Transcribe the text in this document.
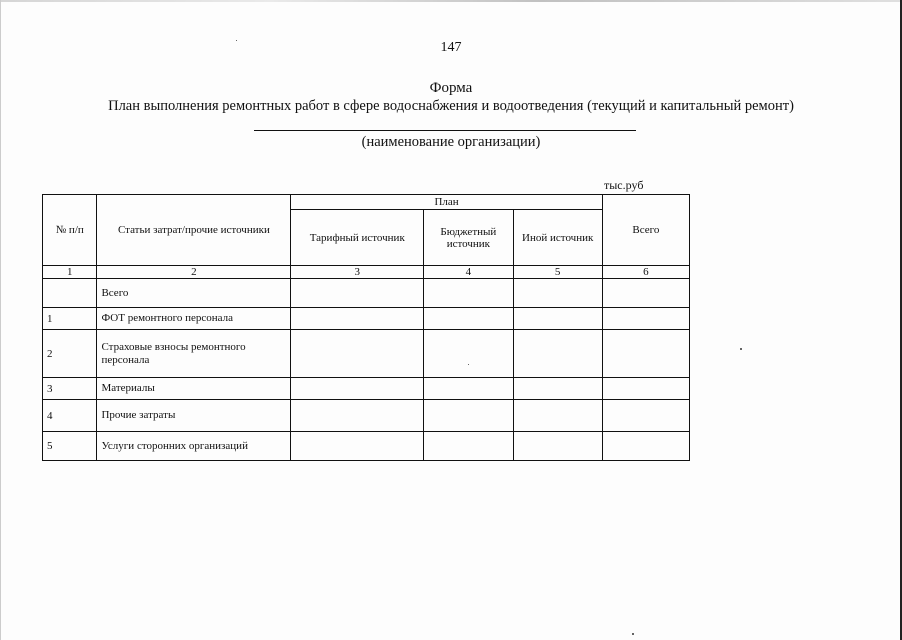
147
Форма
План выполнения ремонтных работ в сфере водоснабжения и водоотведения (текущий и капитальный ремонт)
(наименование организации)
тыс.руб
№ п/п	Статьи затрат/прочие источники	План			Всего
		Тарифный источник	Бюджетный источник	Иной источник	
1	2	3	4	5	6
	Всего				
1	ФОТ ремонтного персонала				
2	Страховые взносы ремонтного персонала				
3	Материалы				
4	Прочие затраты				
5	Услуги сторонних организаций				
